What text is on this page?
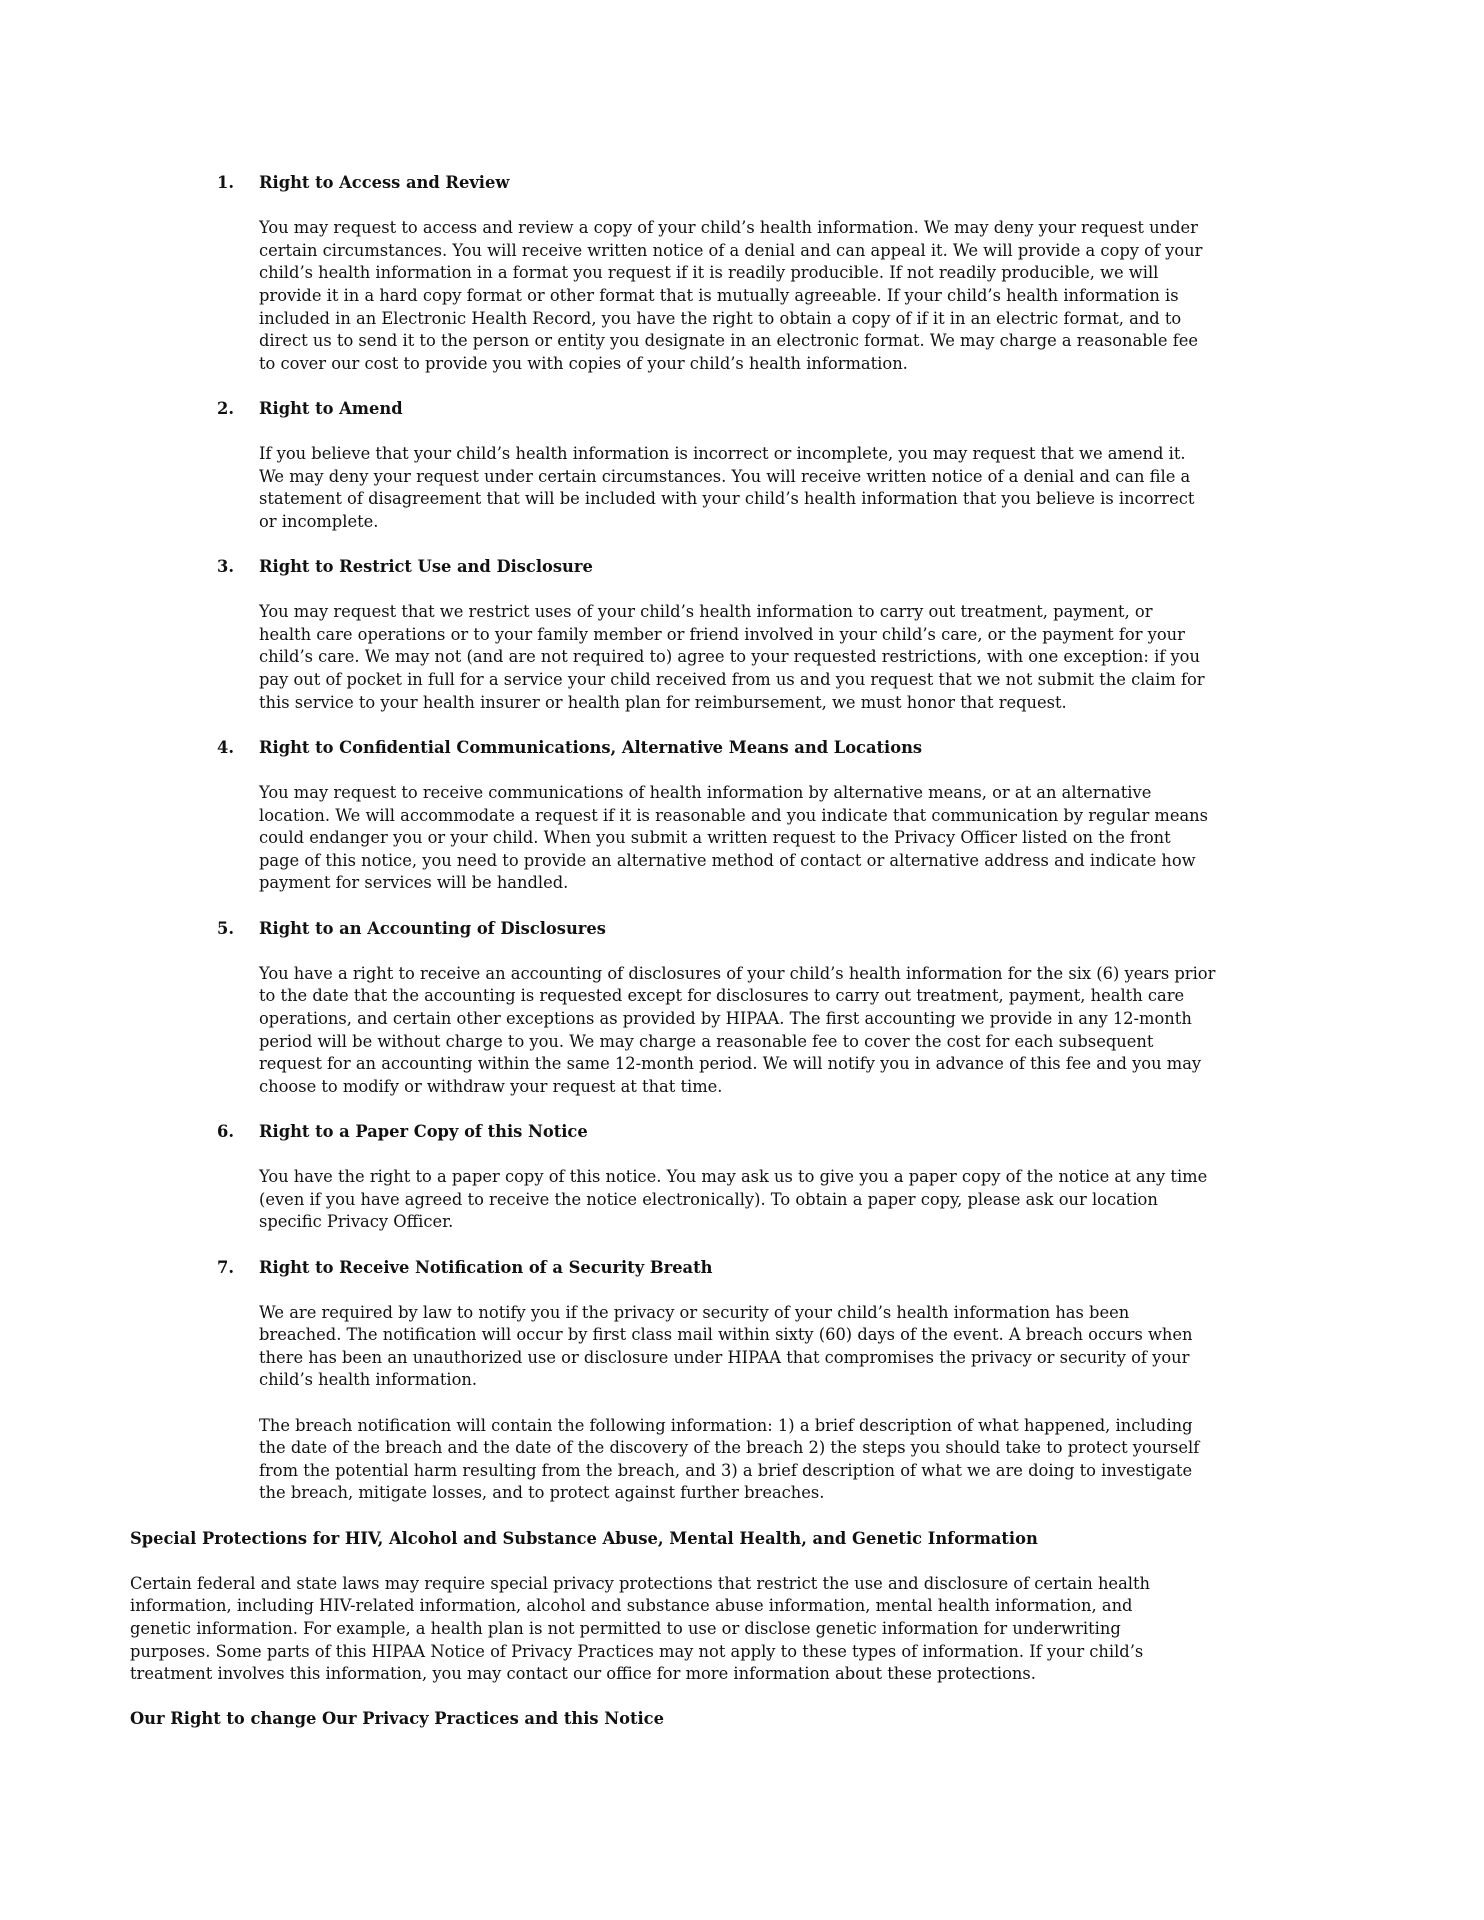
1. Right to Access and Review
You may request to access and review a copy of your child’s health information. We may deny your request under
certain circumstances. You will receive written notice of a denial and can appeal it. We will provide a copy of your
child’s health information in a format you request if it is readily producible. If not readily producible, we will
provide it in a hard copy format or other format that is mutually agreeable. If your child’s health information is
included in an Electronic Health Record, you have the right to obtain a copy of if it in an electric format, and to
direct us to send it to the person or entity you designate in an electronic format. We may charge a reasonable fee
to cover our cost to provide you with copies of your child’s health information.
2. Right to Amend
If you believe that your child’s health information is incorrect or incomplete, you may request that we amend it.
We may deny your request under certain circumstances. You will receive written notice of a denial and can file a
statement of disagreement that will be included with your child’s health information that you believe is incorrect
or incomplete.
3. Right to Restrict Use and Disclosure
You may request that we restrict uses of your child’s health information to carry out treatment, payment, or
health care operations or to your family member or friend involved in your child’s care, or the payment for your
child’s care. We may not (and are not required to) agree to your requested restrictions, with one exception: if you
pay out of pocket in full for a service your child received from us and you request that we not submit the claim for
this service to your health insurer or health plan for reimbursement, we must honor that request.
4. Right to Confidential Communications, Alternative Means and Locations
You may request to receive communications of health information by alternative means, or at an alternative
location. We will accommodate a request if it is reasonable and you indicate that communication by regular means
could endanger you or your child. When you submit a written request to the Privacy Officer listed on the front
page of this notice, you need to provide an alternative method of contact or alternative address and indicate how
payment for services will be handled.
5. Right to an Accounting of Disclosures
You have a right to receive an accounting of disclosures of your child’s health information for the six (6) years prior
to the date that the accounting is requested except for disclosures to carry out treatment, payment, health care
operations, and certain other exceptions as provided by HIPAA. The first accounting we provide in any 12-month
period will be without charge to you. We may charge a reasonable fee to cover the cost for each subsequent
request for an accounting within the same 12-month period. We will notify you in advance of this fee and you may
choose to modify or withdraw your request at that time.
6. Right to a Paper Copy of this Notice
You have the right to a paper copy of this notice. You may ask us to give you a paper copy of the notice at any time
(even if you have agreed to receive the notice electronically). To obtain a paper copy, please ask our location
specific Privacy Officer.
7. Right to Receive Notification of a Security Breath
We are required by law to notify you if the privacy or security of your child’s health information has been
breached. The notification will occur by first class mail within sixty (60) days of the event. A breach occurs when
there has been an unauthorized use or disclosure under HIPAA that compromises the privacy or security of your
child’s health information.
The breach notification will contain the following information: 1) a brief description of what happened, including
the date of the breach and the date of the discovery of the breach 2) the steps you should take to protect yourself
from the potential harm resulting from the breach, and 3) a brief description of what we are doing to investigate
the breach, mitigate losses, and to protect against further breaches.
Special Protections for HIV, Alcohol and Substance Abuse, Mental Health, and Genetic Information
Certain federal and state laws may require special privacy protections that restrict the use and disclosure of certain health
information, including HIV-related information, alcohol and substance abuse information, mental health information, and
genetic information. For example, a health plan is not permitted to use or disclose genetic information for underwriting
purposes. Some parts of this HIPAA Notice of Privacy Practices may not apply to these types of information. If your child’s
treatment involves this information, you may contact our office for more information about these protections.
Our Right to change Our Privacy Practices and this Notice
